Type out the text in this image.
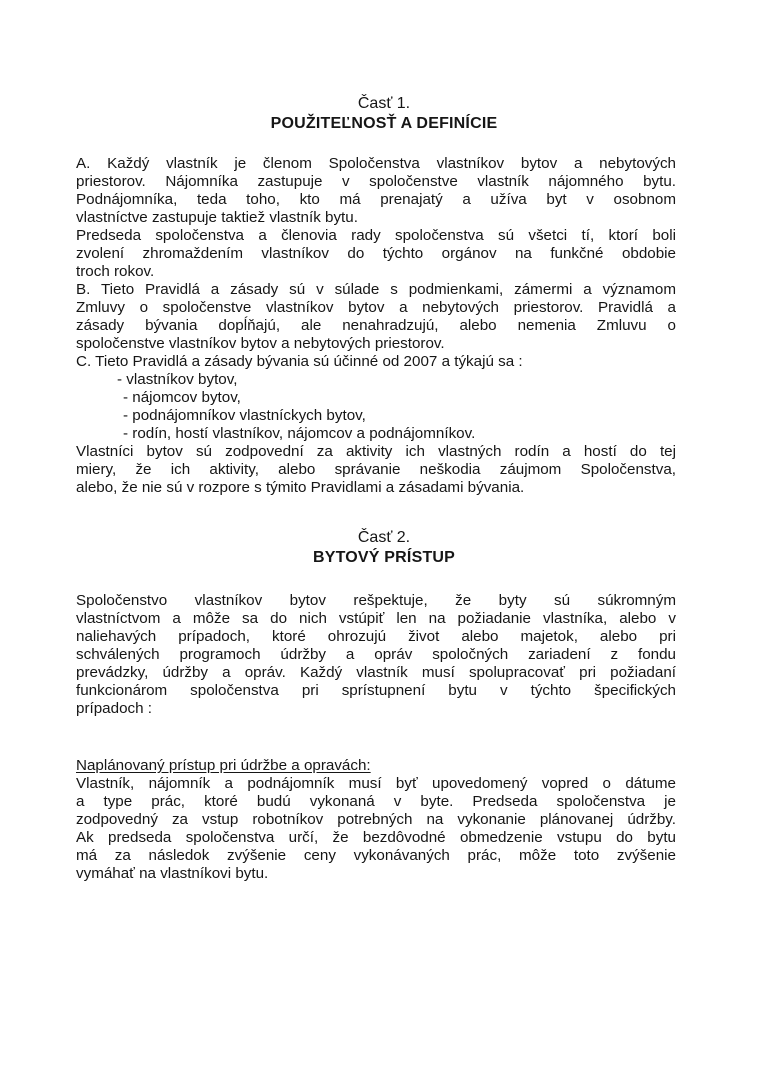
Časť 1.
POUŽITEĽNOSŤ A DEFINÍCIE

A. Každý vlastník je členom Spoločenstva vlastníkov bytov a nebytových

priestorov. Nájomníka zastupuje v spoločenstve vlastník nájomného bytu.

Podnájomníka, teda toho, kto má prenajatý a užíva byt v osobnom

vlastníctve zastupuje taktiež vlastník bytu.

Predseda spoločenstva a členovia rady spoločenstva sú všetci tí, ktorí boli

zvolení zhromaždením vlastníkov do týchto orgánov na funkčné obdobie

troch rokov.

B. Tieto Pravidlá a zásady sú v súlade s podmienkami, zámermi a významom

Zmluvy o spoločenstve vlastníkov bytov a nebytových priestorov. Pravidlá a

zásady bývania dopĺňajú, ale nenahradzujú, alebo nemenia Zmluvu o

spoločenstve vlastníkov bytov a nebytových priestorov.

C. Tieto Pravidlá a zásady bývania sú účinné od 2007 a týkajú sa :

- vlastníkov bytov,

- nájomcov bytov,

- podnájomníkov vlastníckych bytov,

- rodín, hostí vlastníkov, nájomcov a podnájomníkov.

Vlastníci bytov sú zodpovední za aktivity ich vlastných rodín a hostí do tej

miery, že ich aktivity, alebo správanie neškodia záujmom Spoločenstva,

alebo, že nie sú v rozpore s týmito Pravidlami a zásadami bývania.

Časť 2.
BYTOVÝ PRÍSTUP

Spoločenstvo vlastníkov bytov rešpektuje, že byty sú súkromným

vlastníctvom a môže sa do nich vstúpiť len na požiadanie vlastníka, alebo v

naliehavých prípadoch, ktoré ohrozujú život alebo majetok, alebo pri

schválených programoch údržby a opráv spoločných zariadení z fondu

prevádzky, údržby a opráv. Každý vlastník musí spolupracovať pri požiadaní

funkcionárom spoločenstva pri sprístupnení bytu v týchto špecifických

prípadoch :

Naplánovaný prístup pri údržbe a opravách:

Vlastník, nájomník a podnájomník musí byť upovedomený vopred o dátume

a type prác, ktoré budú vykonaná v byte. Predseda spoločenstva je

zodpovedný za vstup robotníkov potrebných na vykonanie plánovanej údržby.

Ak predseda spoločenstva určí, že bezdôvodné obmedzenie vstupu do bytu

má za následok zvýšenie ceny vykonávaných prác, môže toto zvýšenie

vymáhať na vlastníkovi bytu.
